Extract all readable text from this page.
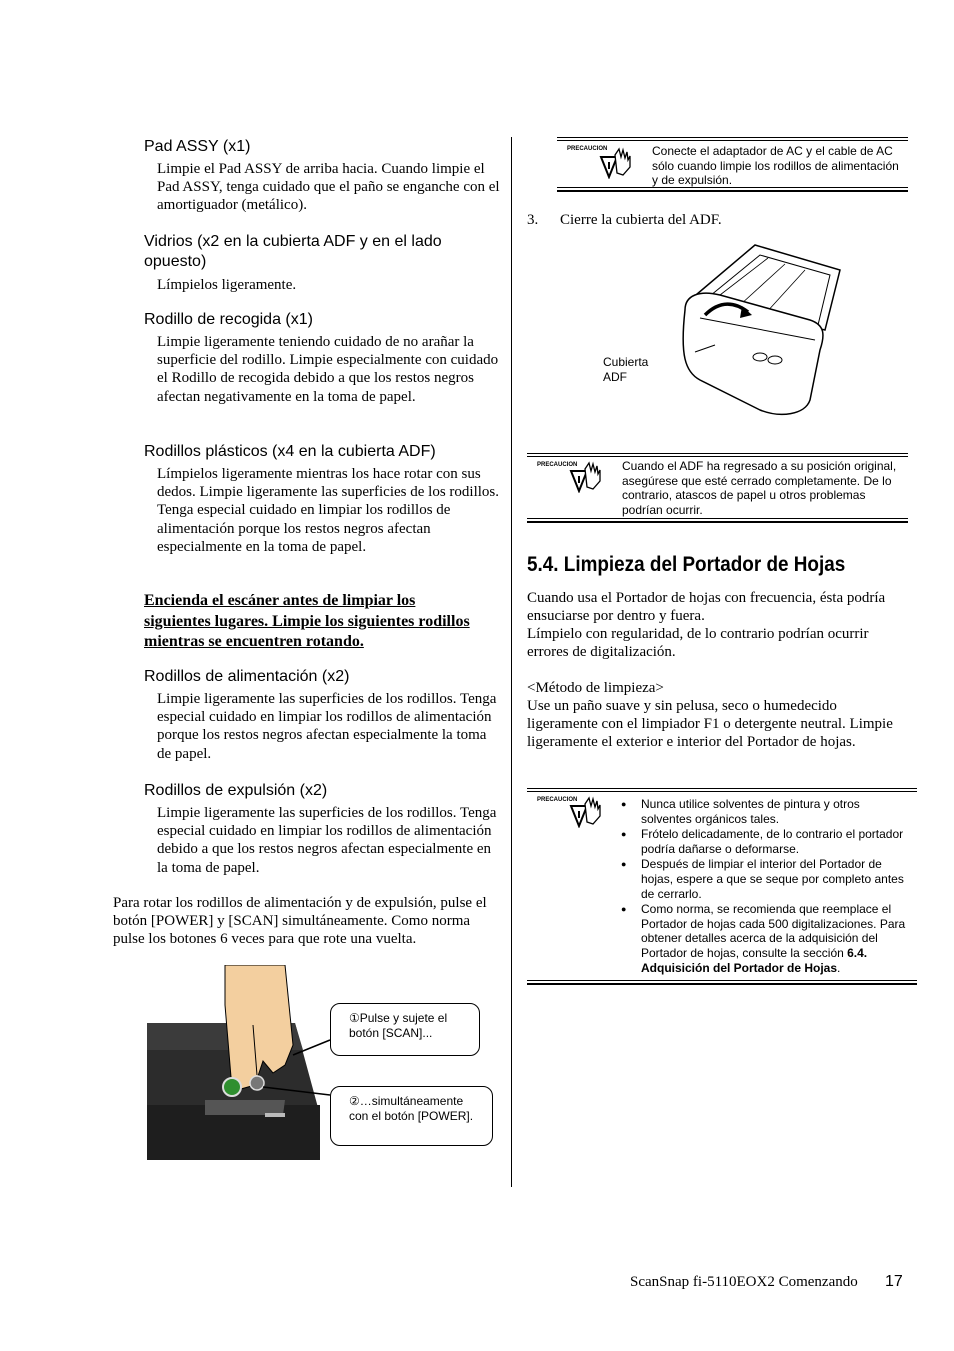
Pad ASSY (x1)
Limpie el Pad ASSY de arriba hacia. Cuando limpie el Pad ASSY, tenga cuidado que el paño se enganche con el amortiguador (metálico).
Vidrios (x2 en la cubierta ADF y en el lado opuesto)
Límpielos ligeramente.
Rodillo de recogida (x1)
Limpie ligeramente teniendo cuidado de no arañar la superficie del rodillo. Limpie especialmente con cuidado el Rodillo de recogida debido a que los restos negros afectan negativamente en la toma de papel.
Rodillos plásticos (x4 en la cubierta ADF)
Límpielos ligeramente mientras los hace rotar con sus dedos. Limpie ligeramente las superficies de los rodillos. Tenga especial cuidado en limpiar los rodillos de alimentación porque los restos negros afectan especialmente en la toma de papel.
Encienda el escáner antes de limpiar los siguientes lugares. Limpie los siguientes rodillos mientras se encuentren rotando.
Rodillos de alimentación (x2)
Limpie ligeramente las superficies de los rodillos. Tenga especial cuidado en limpiar los rodillos de alimentación porque los restos negros afectan especialmente la toma de papel.
Rodillos de expulsión (x2)
Limpie ligeramente las superficies de los rodillos. Tenga especial cuidado en limpiar los rodillos de alimentación debido a que los restos negros afectan especialmente en la toma de papel.
Para rotar los rodillos de alimentación y de expulsión, pulse el botón [POWER] y [SCAN] simultáneamente. Como norma pulse los botones 6 veces para que rote una vuelta.
①Pulse y sujete el botón [SCAN]...
②…simultáneamente con el botón [POWER].
PRECAUCION	Conecte el adaptador de AC y el cable de AC sólo cuando limpie los rodillos de alimentación y de expulsión.
3. Cierre la cubierta del ADF.
Cubierta ADF
PRECAUCION	Cuando el ADF ha regresado a su posición original, asegúrese que esté cerrado completamente. De lo contrario, atascos de papel u otros problemas podrían ocurrir.
5.4. Limpieza del Portador de Hojas
Cuando usa el Portador de hojas con frecuencia, ésta podría ensuciarse por dentro y fuera.
Límpielo con regularidad, de lo contrario podrían ocurrir errores de digitalización.
<Método de limpieza>
Use un paño suave y sin pelusa, seco o humedecido ligeramente con el limpiador F1 o detergente neutral. Limpie ligeramente el exterior e interior del Portador de hojas.
PRECAUCION
●	Nunca utilice solventes de pintura y otros solventes orgánicos tales.
● Frótelo delicadamente, de lo contrario el portador podría dañarse o deformarse.
● Después de limpiar el interior del Portador de hojas, espere a que se seque por completo antes de cerrarlo.
● Como norma, se recomienda que reemplace el Portador de hojas cada 500 digitalizaciones. Para obtener detalles acerca de la adquisición del Portador de hojas, consulte la sección 6.4. Adquisición del Portador de Hojas.
ScanSnap fi-5110EOX2 Comenzando 17
